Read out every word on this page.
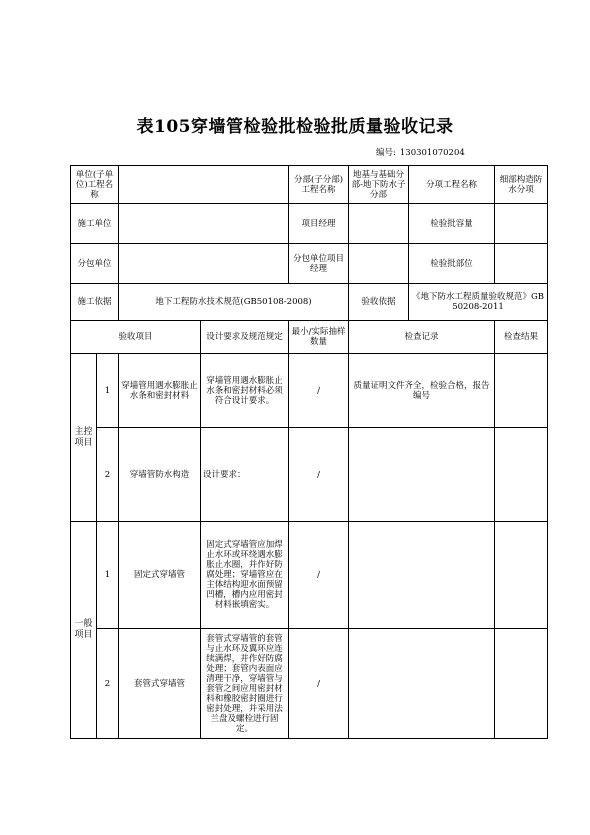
表105穿墙管检验批检验批质量验收记录
编号: 130301070204
单位(子单位)工程名称				分部(子分部)工程名称	地基与基础分部-地下防水子分部	分项工程名称	细部构造防水分项
施工单位				项目经理		检验批容量	
分包单位				分包单位项目经理		检验批部位	
施工依据		地下工程防水技术规范(GB50108-2008)			验收依据	《地下防水工程质量验收规范》GB50208-2011	
验收项目			设计要求及规范规定	最小/实际抽样数量	检查记录		检查结果
主控项目	1	穿墙管用遇水膨胀止水条和密封材料	穿墙管用遇水膨胀止水条和密封材料必须符合设计要求。	/	质量证明文件齐全，检验合格，报告编号		
	2	穿墙管防水构造	设计要求：	/			
一般项目	1	固定式穿墙管	固定式穿墙管应加焊止水环或环绕遇水膨胀止水圈，并作好防腐处理；穿墙管应在主体结构迎水面预留凹槽，槽内应用密封材料嵌填密实。	/			
	2	套管式穿墙管	套管式穿墙管的套管与止水环及翼环应连续满焊，并作好防腐处理；套管内表面应清理干净，穿墙管与套管之间应用密封材料和橡胶密封圈进行密封处理，并采用法兰盘及螺栓进行固定。	/			
